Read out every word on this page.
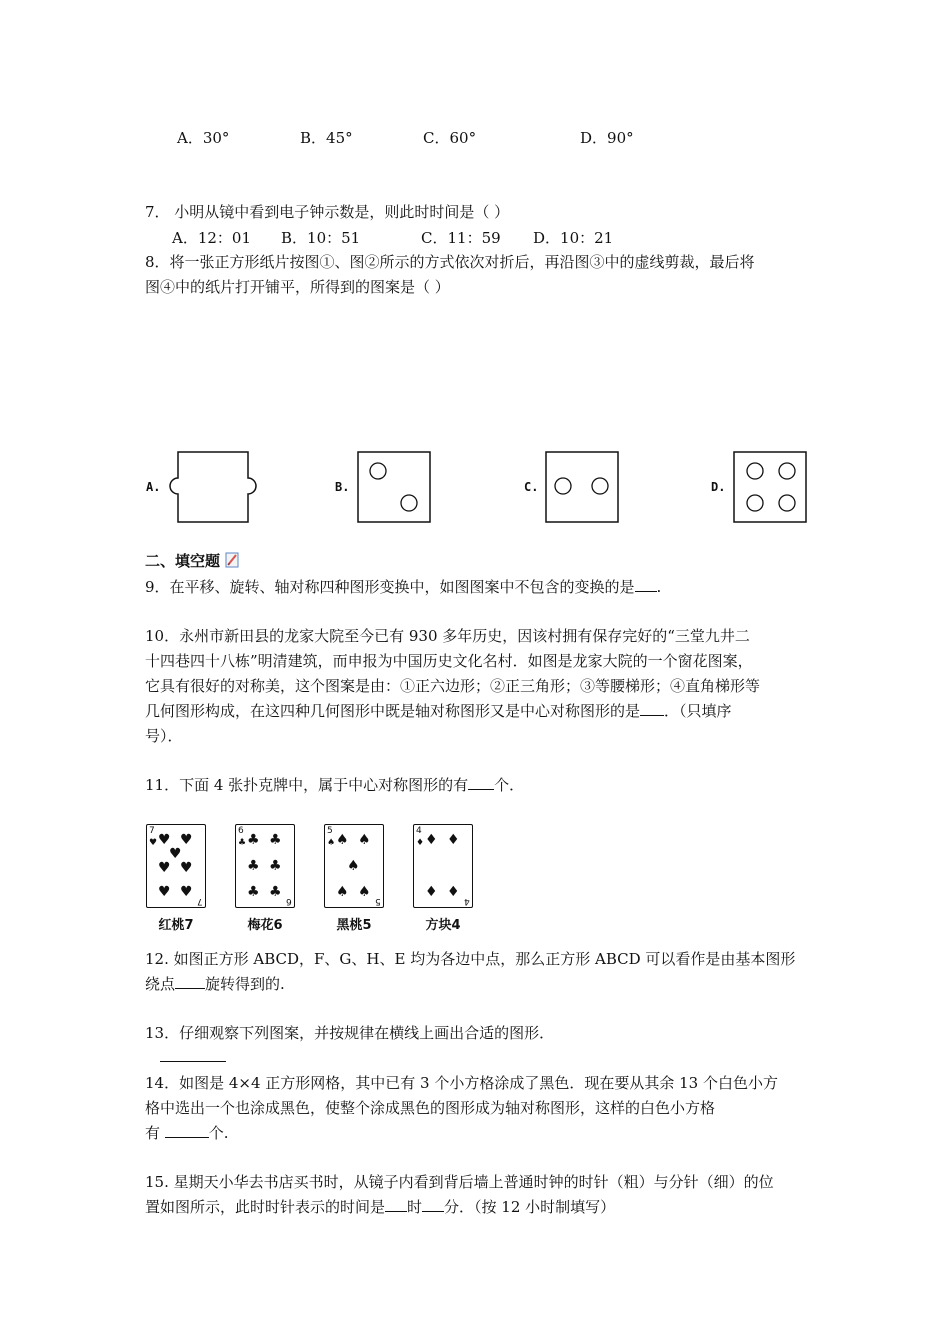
A．30°	B．45°	C．60°	D．90°
7． 小明从镜中看到电子钟示数是，则此时时间是（ ）
A．12：01 B．10：51	C．11：59 D．10：21
8．将一张正方形纸片按图①、图②所示的方式依次对折后，再沿图③中的虚线剪裁，最后将
图④中的纸片打开铺平，所得到的图案是（ ）
A.	B.	C.	D.
二、填空题
9．在平移、旋转、轴对称四种图形变换中，如图图案中不包含的变换的是 .
10．永州市新田县的龙家大院至今已有 930 多年历史，因该村拥有保存完好的“三堂九井二
十四巷四十八栋”明清建筑，而申报为中国历史文化名村．如图是龙家大院的一个窗花图案，
它具有很好的对称美，这个图案是由：①正六边形；②正三角形；③等腰梯形；④直角梯形等
几何图形构成，在这四种几何图形中既是轴对称图形又是中心对称图形的是 ．（只填序
号）．
11．下面 4 张扑克牌中，属于中心对称图形的有 个．
7
♥ ♥ ♥
♥
♥ ♥
♥ ♥
7
红桃7
6
♣ ♣ ♣
♣ ♣
♣ ♣
6
梅花6
5
♠ ♠ ♠
♠
♠ ♠
5
黑桃5
4
♦ ♦ ♦
♦ ♦
4
方块4
12. 如图正方形 ABCD，F、G、H、E 均为各边中点，那么正方形 ABCD 可以看作是由基本图形
绕点 旋转得到的.
13．仔细观察下列图案，并按规律在横线上画出合适的图形．
14．如图是 4×4 正方形网格，其中已有 3 个小方格涂成了黑色．现在要从其余 13 个白色小方
格中选出一个也涂成黑色，使整个涂成黑色的图形成为轴对称图形，这样的白色小方格
有	个.
15. 星期天小华去书店买书时，从镜子内看到背后墙上普通时钟的时针（粗）与分针（细）的位
置如图所示，此时时针表示的时间是 时 分．（按 12 小时制填写）
